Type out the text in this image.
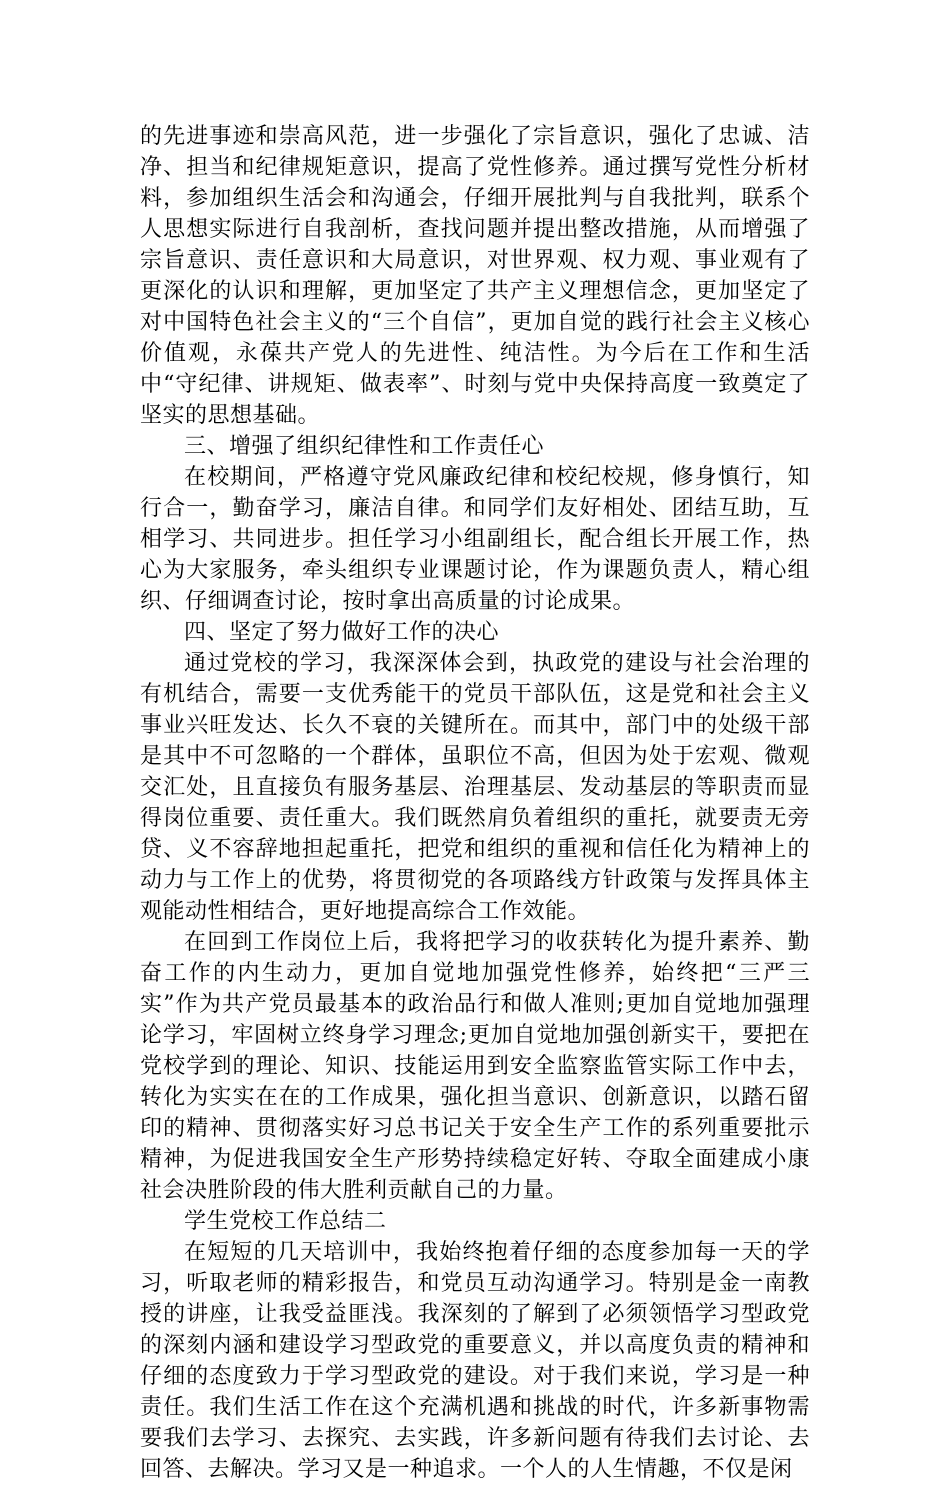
的先进事迹和崇高风范，进一步强化了宗旨意识，强化了忠诚、洁净、担当和纪律规矩意识，提高了党性修养。通过撰写党性分析材料，参加组织生活会和沟通会，仔细开展批判与自我批判，联系个人思想实际进行自我剖析，查找问题并提出整改措施，从而增强了宗旨意识、责任意识和大局意识，对世界观、权力观、事业观有了更深化的认识和理解，更加坚定了共产主义理想信念，更加坚定了对中国特色社会主义的“三个自信”，更加自觉的践行社会主义核心价值观，永葆共产党人的先进性、纯洁性。为今后在工作和生活中“守纪律、讲规矩、做表率”、时刻与党中央保持高度一致奠定了坚实的思想基础。

三、增强了组织纪律性和工作责任心

在校期间，严格遵守党风廉政纪律和校纪校规，修身慎行，知行合一，勤奋学习，廉洁自律。和同学们友好相处、团结互助，互相学习、共同进步。担任学习小组副组长，配合组长开展工作，热心为大家服务，牵头组织专业课题讨论，作为课题负责人，精心组织、仔细调查讨论，按时拿出高质量的讨论成果。

四、坚定了努力做好工作的决心

通过党校的学习，我深深体会到，执政党的建设与社会治理的有机结合，需要一支优秀能干的党员干部队伍，这是党和社会主义事业兴旺发达、长久不衰的关键所在。而其中，部门中的处级干部是其中不可忽略的一个群体，虽职位不高，但因为处于宏观、微观交汇处，且直接负有服务基层、治理基层、发动基层的等职责而显得岗位重要、责任重大。我们既然肩负着组织的重托，就要责无旁贷、义不容辞地担起重托，把党和组织的重视和信任化为精神上的动力与工作上的优势，将贯彻党的各项路线方针政策与发挥具体主观能动性相结合，更好地提高综合工作效能。

在回到工作岗位上后，我将把学习的收获转化为提升素养、勤奋工作的内生动力，更加自觉地加强党性修养，始终把“三严三实”作为共产党员最基本的政治品行和做人准则;更加自觉地加强理论学习，牢固树立终身学习理念;更加自觉地加强创新实干，要把在党校学到的理论、知识、技能运用到安全监察监管实际工作中去，转化为实实在在的工作成果，强化担当意识、创新意识，以踏石留印的精神、贯彻落实好习总书记关于安全生产工作的系列重要批示精神，为促进我国安全生产形势持续稳定好转、夺取全面建成小康社会决胜阶段的伟大胜利贡献自己的力量。

学生党校工作总结二

在短短的几天培训中，我始终抱着仔细的态度参加每一天的学习，听取老师的精彩报告，和党员互动沟通学习。特别是金一南教授的讲座，让我受益匪浅。我深刻的了解到了必须领悟学习型政党的深刻内涵和建设学习型政党的重要意义，并以高度负责的精神和仔细的态度致力于学习型政党的建设。对于我们来说，学习是一种责任。我们生活工作在这个充满机遇和挑战的时代，许多新事物需要我们去学习、去探究、去实践，许多新问题有待我们去讨论、去回答、去解决。学习又是一种追求。一个人的人生情趣，不仅是闲
